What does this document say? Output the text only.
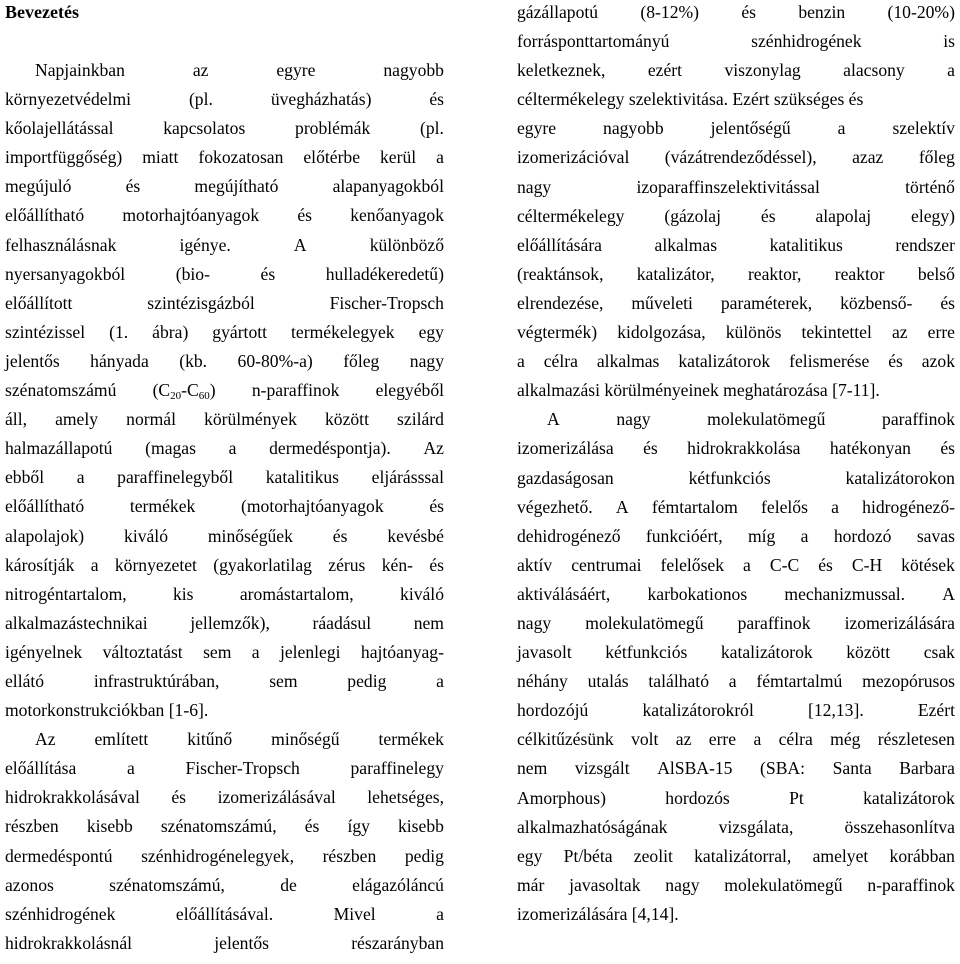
Bevezetés
Napjainkban	az	egyre	nagyobb
környezetvédelmi	(pl.	üvegházhatás)	és
kőolajellátással	kapcsolatos	problémák	(pl.
importfüggőség) miatt fokozatosan előtérbe kerül a
megújuló	és	megújítható	alapanyagokból
előállítható motorhajtóanyagok és kenőanyagok
felhasználásnak	igénye.	A	különböző
nyersanyagokból	(bio-	és	hulladékeredetű)
előállított	szintézisgázból	Fischer-Tropsch
szintézissel (1. ábra) gyártott termékelegyek egy
jelentős hányada (kb. 60-80%-a) főleg nagy
szénatomszámú $(C_{20}-C_{60})$ n-paraffinok elegyéből
áll, amely normál körülmények között szilárd
halmazállapotú (magas a dermedéspontja). Az
ebből a paraffinelegyből katalitikus eljárásssal
előállítható	termékek	(motorhajtóanyagok	és
alapolajok) kiváló minőségűek és kevésbé
károsítják a környezetet (gyakorlatilag zérus kén- és
nitrogéntartalom,	kis	aromástartalom,	kiváló
alkalmazástechnikai jellemzők), ráadásul nem
igényelnek változtatást sem a jelenlegi hajtóanyag-
ellátó	infrastruktúrában,	sem	pedig	a
motorkonstrukciókban [1-6].
Az említett kitűnő minőségű termékek
előállítása	a	Fischer-Tropsch	paraffinelegy
hidrokrakkolásával és izomerizálásával lehetséges,
részben kisebb szénatomszámú, és így kisebb
dermedéspontú szénhidrogénelegyek, részben pedig
azonos	szénatomszámú,	de	elágazóláncú
szénhidrogének	előállításával.	Mivel	a
hidrokrakkolásnál	jelentős	részarányban
gázállapotú (8-12%) és benzin (10-20%)
forrásponttartományú	szénhidrogének	is
keletkeznek, ezért viszonylag alacsony a
céltermékelegy szelektivitása. Ezért szükséges és
egyre	nagyobb	jelentőségű	a	szelektív
izomerizációval (vázátrendeződéssel), azaz főleg
nagy	izoparaffinszelektivitással	történő
céltermékelegy (gázolaj és alapolaj elegy)
előállítására	alkalmas	katalitikus	rendszer
(reaktánsok, katalizátor, reaktor, reaktor belső
elrendezése, műveleti paraméterek, közbenső- és
végtermék) kidolgozása, különös tekintettel az erre
a célra alkalmas katalizátorok felismerése és azok
alkalmazási körülményeinek meghatározása [7-11].
A	nagy	molekulatömegű	paraffinok
izomerizálása és hidrokrakkolása hatékonyan és
gazdaságosan	kétfunkciós	katalizátorokon
végezhető. A fémtartalom felelős a hidrogénező-
dehidrogénező funkcióért, míg a hordozó savas
aktív centrumai felelősek a C-C és C-H kötések
aktiválásáért, karbokationos mechanizmussal. A
nagy molekulatömegű paraffinok izomerizálására
javasolt kétfunkciós katalizátorok között csak
néhány utalás található a fémtartalmú mezopórusos
hordozójú	katalizátorokról	[12,13].	Ezért
célkitűzésünk volt az erre a célra még részletesen
nem vizsgált AlSBA-15 (SBA: Santa Barbara
Amorphous)	hordozós	Pt	katalizátorok
alkalmazhatóságának	vizsgálata,	összehasonlítva
egy Pt/béta zeolit katalizátorral, amelyet korábban
már javasoltak nagy molekulatömegű n-paraffinok
izomerizálására [4,14].
